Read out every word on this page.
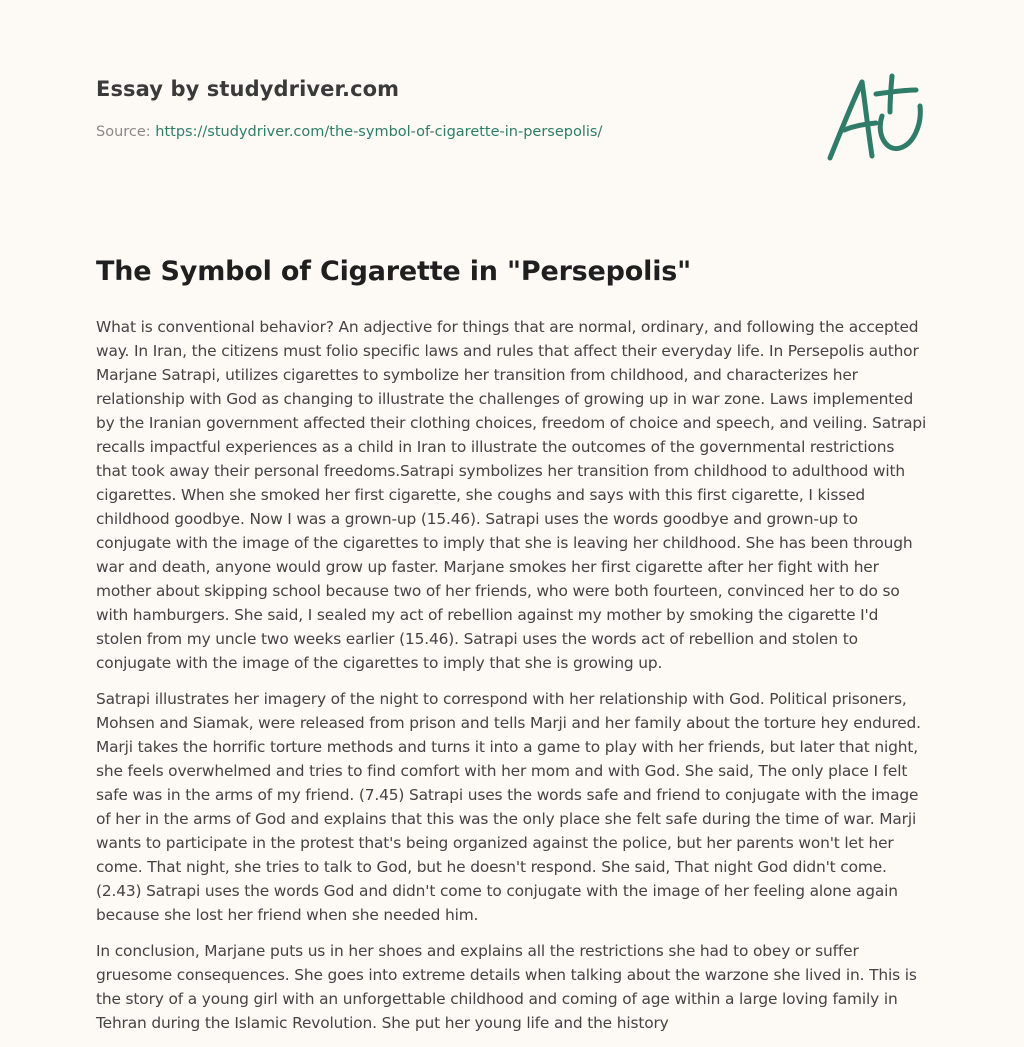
Essay by studydriver.com

Source: https://studydriver.com/the-symbol-of-cigarette-in-persepolis/

The Symbol of Cigarette in "Persepolis"

What is conventional behavior? An adjective for things that are normal, ordinary, and following the accepted way. In Iran, the citizens must folio specific laws and rules that affect their everyday life. In Persepolis author Marjane Satrapi, utilizes cigarettes to symbolize her transition from childhood, and characterizes her relationship with God as changing to illustrate the challenges of growing up in war zone. Laws implemented by the Iranian government affected their clothing choices, freedom of choice and speech, and veiling. Satrapi recalls impactful experiences as a child in Iran to illustrate the outcomes of the governmental restrictions that took away their personal freedoms.Satrapi symbolizes her transition from childhood to adulthood with cigarettes. When she smoked her first cigarette, she coughs and says with this first cigarette, I kissed childhood goodbye. Now I was a grown-up (15.46). Satrapi uses the words goodbye and grown-up to conjugate with the image of the cigarettes to imply that she is leaving her childhood. She has been through war and death, anyone would grow up faster. Marjane smokes her first cigarette after her fight with her mother about skipping school because two of her friends, who were both fourteen, convinced her to do so with hamburgers. She said, I sealed my act of rebellion against my mother by smoking the cigarette I'd stolen from my uncle two weeks earlier (15.46). Satrapi uses the words act of rebellion and stolen to conjugate with the image of the cigarettes to imply that she is growing up.

Satrapi illustrates her imagery of the night to correspond with her relationship with God. Political prisoners, Mohsen and Siamak, were released from prison and tells Marji and her family about the torture hey endured. Marji takes the horrific torture methods and turns it into a game to play with her friends, but later that night, she feels overwhelmed and tries to find comfort with her mom and with God. She said, The only place I felt safe was in the arms of my friend. (7.45) Satrapi uses the words safe and friend to conjugate with the image of her in the arms of God and explains that this was the only place she felt safe during the time of war. Marji wants to participate in the protest that's being organized against the police, but her parents won't let her come. That night, she tries to talk to God, but he doesn't respond. She said, That night God didn't come. (2.43) Satrapi uses the words God and didn't come to conjugate with the image of her feeling alone again because she lost her friend when she needed him.

In conclusion, Marjane puts us in her shoes and explains all the restrictions she had to obey or suffer gruesome consequences. She goes into extreme details when talking about the warzone she lived in. This is the story of a young girl with an unforgettable childhood and coming of age within a large loving family in Tehran during the Islamic Revolution. She put her young life and the history
